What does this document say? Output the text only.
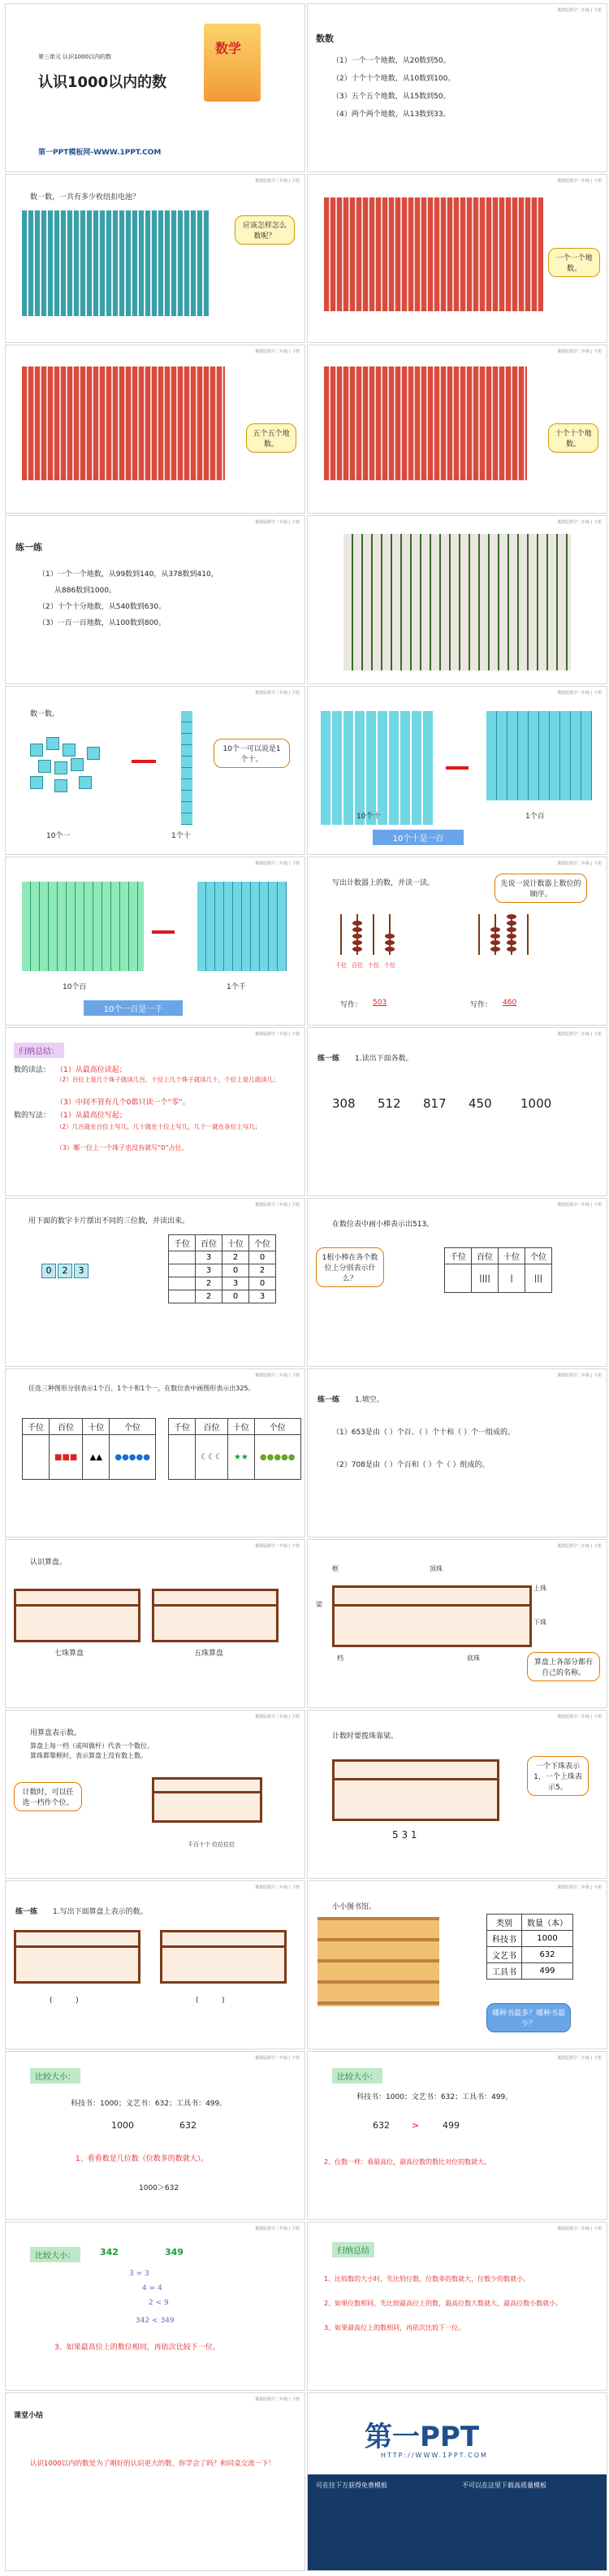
第三单元 认识1000以内的数
认识1000以内的数
第一PPT模板网-WWW.1PPT.COM
数学
冀教版数学二年级 | 下册
数数
（1）一个一个地数，从20数到50。
（2）十个十个地数，从10数到100。
（3）五个五个地数，从15数到50。
（4）两个两个地数，从13数到33。
冀教版数学二年级 | 下册
数一数，一共有多少枚纽扣电池？
应该怎样怎么数呢？
冀教版数学二年级 | 下册
一个一个地数。
冀教版数学二年级 | 下册
五个五个地数。
冀教版数学二年级 | 下册
十个十个地数。
冀教版数学二年级 | 下册
练一练
（1）一个一个地数，从99数到140，从378数到410，
从886数到1000。
（2）十个十分地数，从540数到630。
（3）一百一百地数，从100数到800。
冀教版数学二年级 | 下册
冀教版数学二年级 | 下册
数一数。
10个一	1个十
10个一可以说是1个十。
冀教版数学二年级 | 下册
10个十	1个百
10个十是一百
冀教版数学二年级 | 下册
10个百	1个千
10个一百是一千
冀教版数学二年级 | 下册
写出计数器上的数，并读一读。	先说一说计数器上数位的顺序。
千位 百位 十位 个位
写作： 503	写作： 460
冀教版数学二年级 | 下册
归纳总结：
数的读法： （1）从最高位读起；
（2）百位上是几个珠子就读几百，十位上几个珠子就读几十，个位上是几就读几；
（3）中间不管有几个0都只读一个“零”。
数的写法： （1）从最高位写起；
（2）几百就在百位上写几，几十就在十位上写几，几个一就在各位上写几；
（3）哪一位上一个珠子也没有就写“0”占位。
冀教版数学二年级 | 下册
练一练 1.读出下面各数。
308 512 817 450 1000
冀教版数学二年级 | 下册
用下面的数字卡片摆出不同的三位数，并读出来。
0	2	3
千位	百位	十位	个位
	3	2	0
	3	0	2
	2	3	0
	2	0	3
冀教版数学二年级 | 下册
在数位表中画小棒表示出513。
1根小棒在各个数位上分别表示什么？
千位	百位	十位	个位
	||||	|	|||
冀教版数学二年级 | 下册
任选三种图形分别表示1个百、1个十和1个一，在数位表中画图形表示出325。
千位	百位	十位	个位
	■■■	▲▲	●●●●●
千位	百位	十位	个位
	☾☾☾	★★	●●●●●
冀教版数学二年级 | 下册
练一练 1.填空。
（1）653是由（ ）个百、（ ）个十和（ ）个一组成的。
（2）708是由（ ）个百和（ ）个（ ）组成的。
冀教版数学二年级 | 下册
认识算盘。
七珠算盘	五珠算盘
冀教版数学二年级 | 下册
框	顶珠
上珠
梁
下珠
档	底珠
算盘上各部分都有自己的名称。
冀教版数学二年级 | 下册
用算盘表示数。
算盘上每一档（或叫做杆）代表一个数位。
算珠都靠框时，表示算盘上没有数上数。
计数时，可以任选一档作个位。
千百十个 位位位位
冀教版数学二年级 | 下册
计数时要拨珠靠梁。
5 3 1
一个下珠表示1，一个上珠表示5。
冀教版数学二年级 | 下册
练一练 1.写出下面算盘上表示的数。
(          )	(          )
冀教版数学二年级 | 下册
小小图书馆。
类别	数量（本）
科技书	1000
文艺书	632
工具书	499
哪种书最多？哪种书最少？
冀教版数学二年级 | 下册
比较大小：
科技书：1000；文艺书：632；工具书：499。
1000	632
1、看看数是几位数（位数多的数就大）。
1000＞632
冀教版数学二年级 | 下册
比较大小：
科技书：1000；文艺书：632；工具书：499。
632 >	499
2、位数一样：看最高位，最高位数的数比对位的数就大。
冀教版数学二年级 | 下册
比较大小：	342	349
3 = 3
4 = 4
2 < 9
342 < 349
3、如果最高位上的数位相同，再依次比较下一位。
冀教版数学二年级 | 下册
归纳总结
1、比较数的大小时，先比较位数，位数多的数就大，位数少的数就小。
2、如果位数相同，先比较最高位上的数，最高位数大数就大，最高位数小数就小。
3、如果最高位上的数相同，再依次比较下一位。
冀教版数学二年级 | 下册
课堂小结
认识1000以内的数是为了刚好的认识更大的数，你学会了吗？和同桌交流一下！
第一PPT
HTTP://WWW.1PPT.COM
可在往下方获得免费模板	不可以在这里下载高质量模板
